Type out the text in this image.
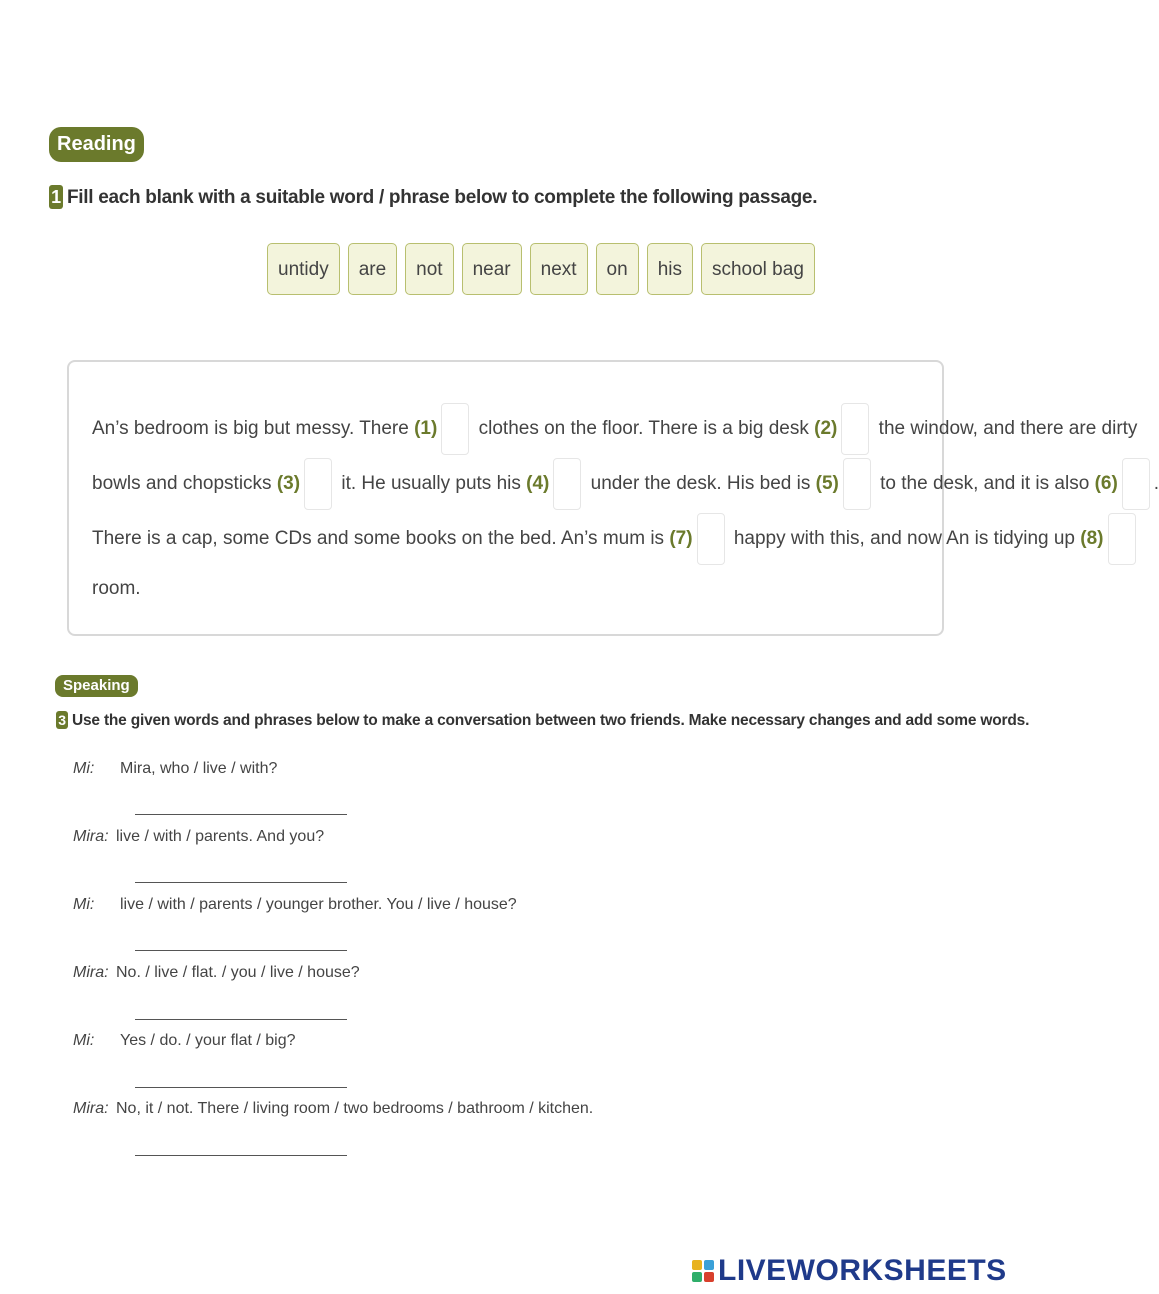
Reading
1 Fill each blank with a suitable word / phrase below to complete the following passage.
untidy	are	not	near	next	on	his	school bag
An’s bedroom is big but messy. There (1) clothes on the floor. There is a big desk (2) the window, and there are dirty
bowls and chopsticks (3) it. He usually puts his (4) under the desk. His bed is (5) to the desk, and it is also (6) .
There is a cap, some CDs and some books on the bed. An’s mum is (7) happy with this, and now An is tidying up (8)
room.
Speaking
3 Use the given words and phrases below to make a conversation between two friends. Make necessary changes and add some words.
Mi: Mira, who / live / with?
Mira: live / with / parents. And you?
Mi: live / with / parents / younger brother. You / live / house?
Mira: No. / live / flat. / you / live / house?
Mi: Yes / do. / your flat / big?
Mira: No, it / not. There / living room / two bedrooms / bathroom / kitchen.
LIVEWORKSHEETS
